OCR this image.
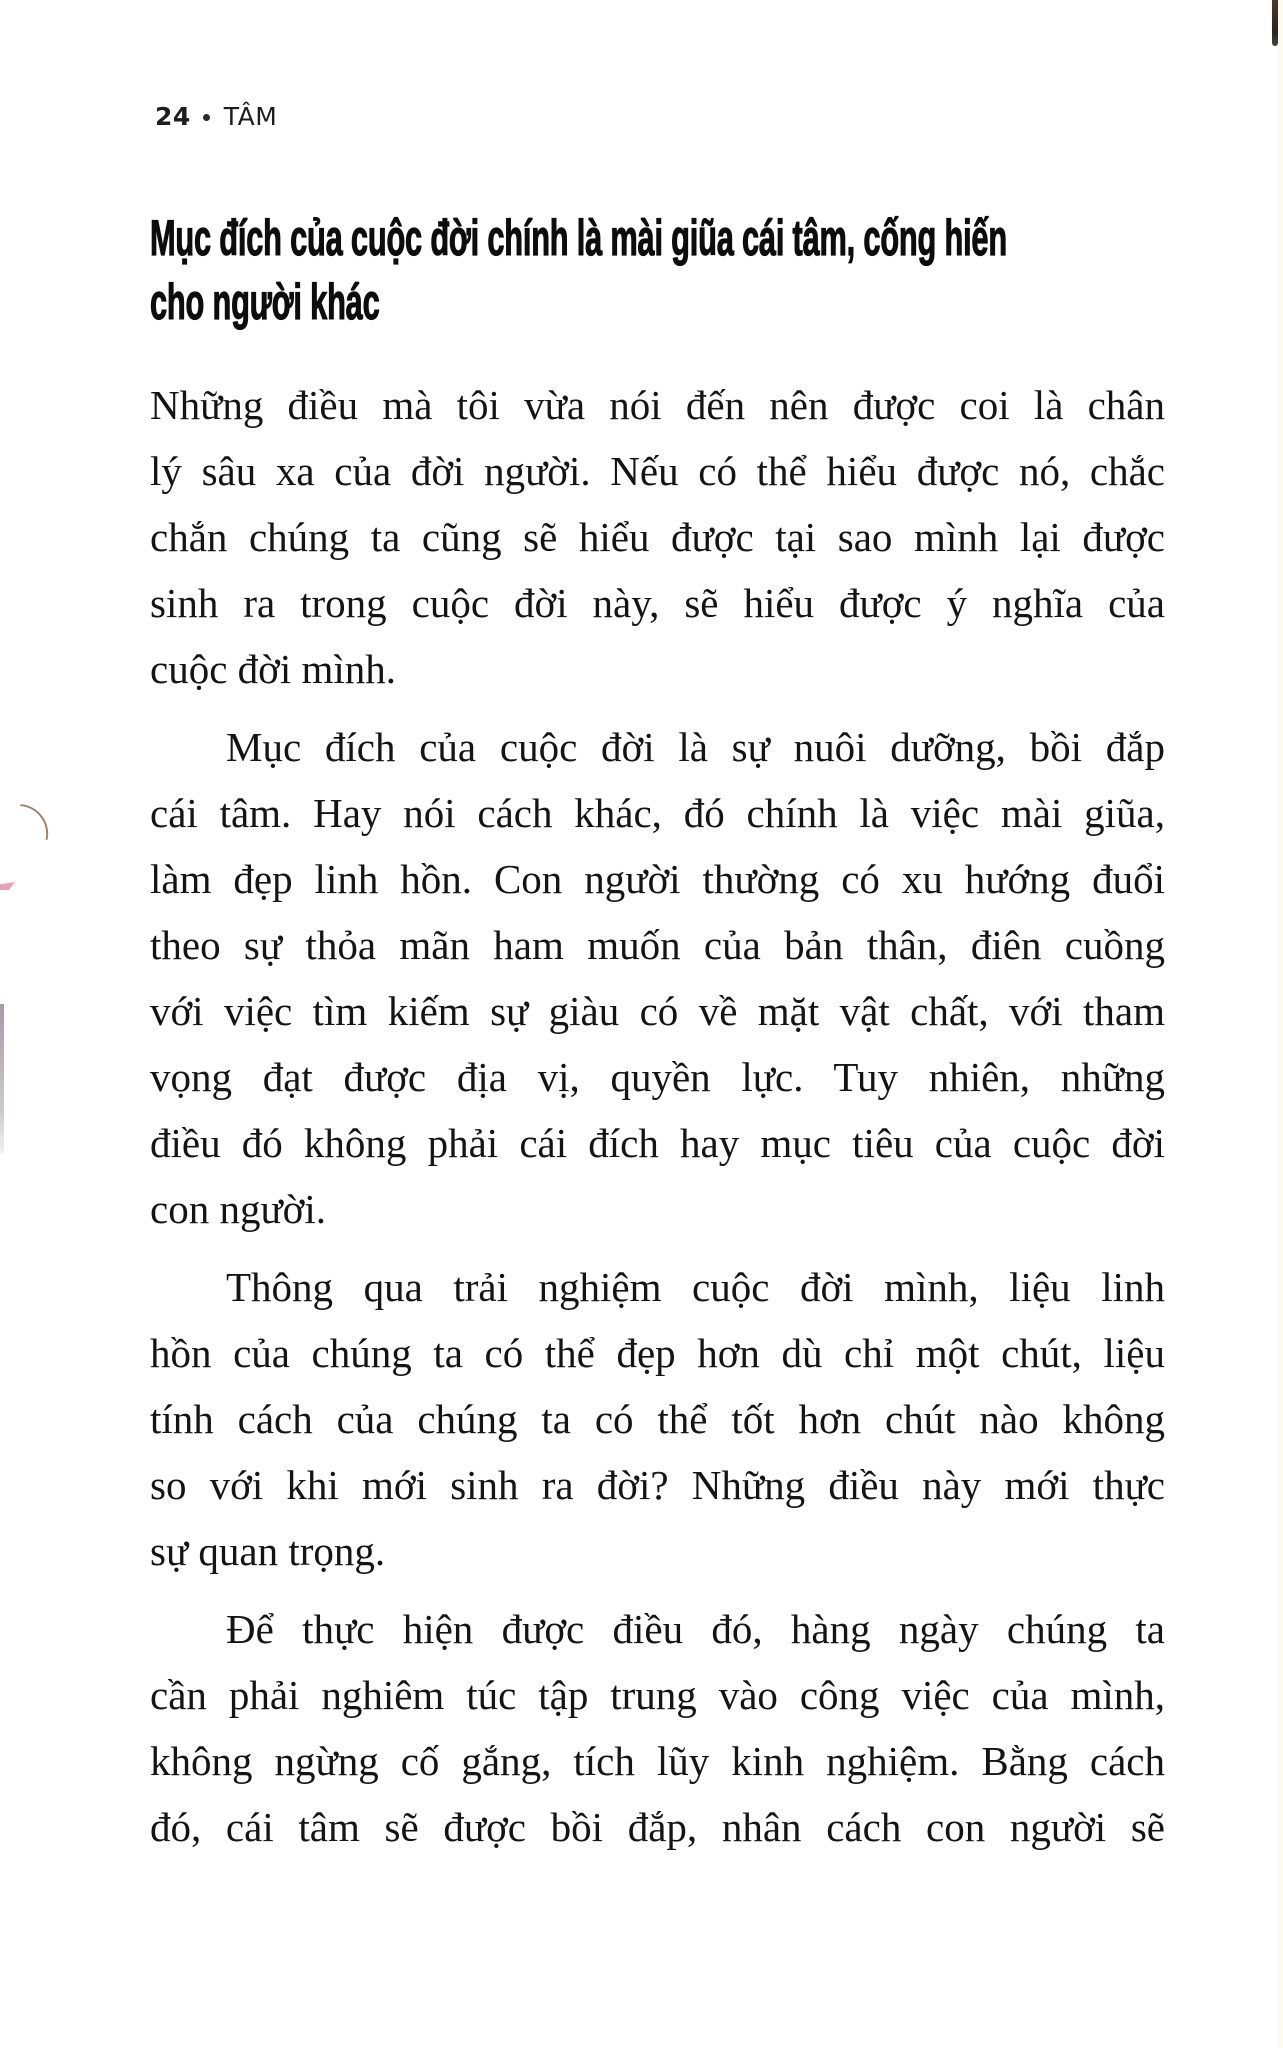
24 TÂM
Mục đích của cuộc đời chính là mài giũa cái tâm, cống hiến
cho người khác
Những điều mà tôi vừa nói đến nên được coi là chân
lý sâu xa của đời người. Nếu có thể hiểu được nó, chắc
chắn chúng ta cũng sẽ hiểu được tại sao mình lại được
sinh ra trong cuộc đời này, sẽ hiểu được ý nghĩa của
cuộc đời mình.
Mục đích của cuộc đời là sự nuôi dưỡng, bồi đắp
cái tâm. Hay nói cách khác, đó chính là việc mài giũa,
làm đẹp linh hồn. Con người thường có xu hướng đuổi
theo sự thỏa mãn ham muốn của bản thân, điên cuồng
với việc tìm kiếm sự giàu có về mặt vật chất, với tham
vọng đạt được địa vị, quyền lực. Tuy nhiên, những
điều đó không phải cái đích hay mục tiêu của cuộc đời
con người.
Thông qua trải nghiệm cuộc đời mình, liệu linh
hồn của chúng ta có thể đẹp hơn dù chỉ một chút, liệu
tính cách của chúng ta có thể tốt hơn chút nào không
so với khi mới sinh ra đời? Những điều này mới thực
sự quan trọng.
Để thực hiện được điều đó, hàng ngày chúng ta
cần phải nghiêm túc tập trung vào công việc của mình,
không ngừng cố gắng, tích lũy kinh nghiệm. Bằng cách
đó, cái tâm sẽ được bồi đắp, nhân cách con người sẽ
